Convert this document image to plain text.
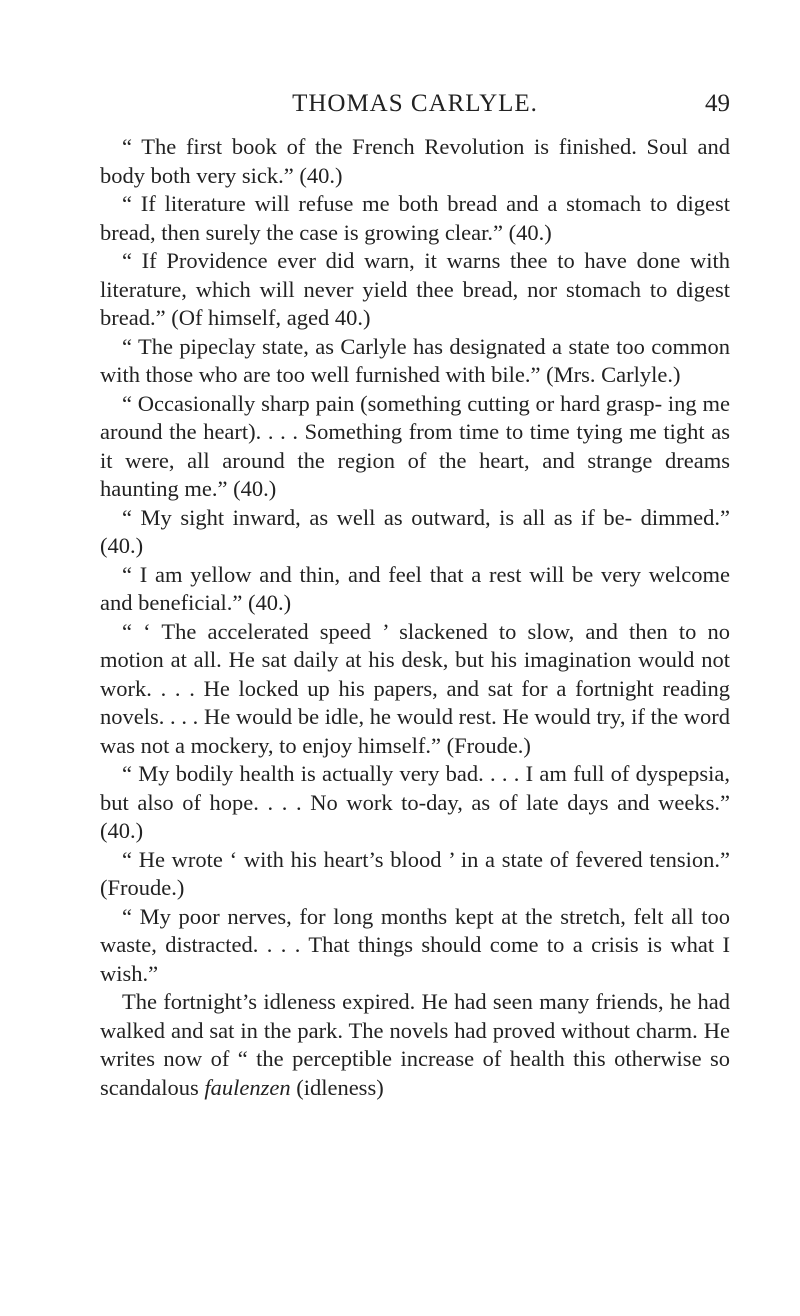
THOMAS CARLYLE.	49

“ The first book of the French Revolution is finished. Soul and body both very sick.” (40.)

“ If literature will refuse me both bread and a stomach to digest bread, then surely the case is growing clear.” (40.)

“ If Providence ever did warn, it warns thee to have done with literature, which will never yield thee bread, nor stomach to digest bread.” (Of himself, aged 40.)

“ The pipeclay state, as Carlyle has designated a state too common with those who are too well furnished with bile.” (Mrs. Carlyle.)

“ Occasionally sharp pain (something cutting or hard grasp- ing me around the heart). . . . Something from time to time tying me tight as it were, all around the region of the heart, and strange dreams haunting me.” (40.)

“ My sight inward, as well as outward, is all as if be- dimmed.” (40.)

“ I am yellow and thin, and feel that a rest will be very welcome and beneficial.” (40.)

“ ‘ The accelerated speed ’ slackened to slow, and then to no motion at all. He sat daily at his desk, but his imagination would not work. . . . He locked up his papers, and sat for a fortnight reading novels. . . . He would be idle, he would rest. He would try, if the word was not a mockery, to enjoy himself.” (Froude.)

“ My bodily health is actually very bad. . . . I am full of dyspepsia, but also of hope. . . . No work to-day, as of late days and weeks.” (40.)

“ He wrote ‘ with his heart’s blood ’ in a state of fevered tension.” (Froude.)

“ My poor nerves, for long months kept at the stretch, felt all too waste, distracted. . . . That things should come to a crisis is what I wish.”

The fortnight’s idleness expired. He had seen many friends, he had walked and sat in the park. The novels had proved without charm. He writes now of “ the perceptible increase of health this otherwise so scandalous faulenzen (idleness)
